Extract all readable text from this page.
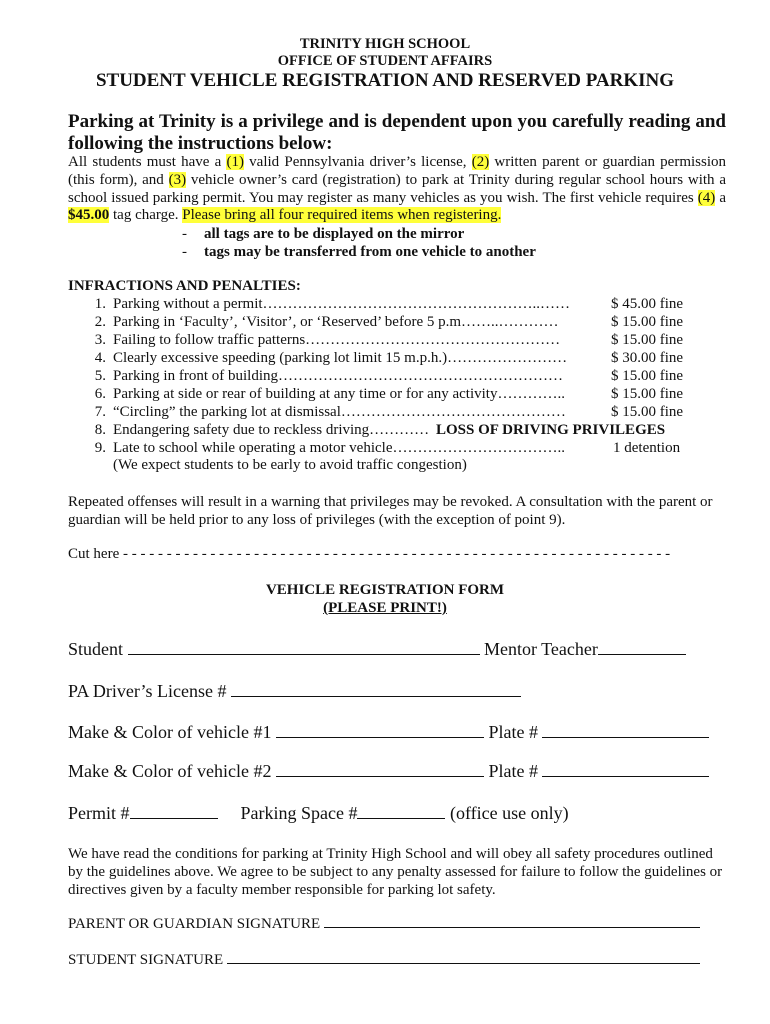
TRINITY HIGH SCHOOL
OFFICE OF STUDENT AFFAIRS
STUDENT VEHICLE REGISTRATION AND RESERVED PARKING
Parking at Trinity is a privilege and is dependent upon you carefully reading and following the instructions below:
All students must have a (1) valid Pennsylvania driver’s license, (2) written parent or guardian permission (this form), and (3) vehicle owner’s card (registration) to park at Trinity during regular school hours with a school issued parking permit. You may register as many vehicles as you wish. The first vehicle requires (4) a $45.00 tag charge. Please bring all four required items when registering.
- all tags are to be displayed on the mirror
- tags may be transferred from one vehicle to another
INFRACTIONS AND PENALTIES:
1. Parking without a permit………………………………………………..……	$ 45.00 fine
2. Parking in ‘Faculty’, ‘Visitor’, or ‘Reserved’ before 5 p.m……..…………	$ 15.00 fine
3. Failing to follow traffic patterns……………………………………………	$ 15.00 fine
4. Clearly excessive speeding (parking lot limit 15 m.p.h.)……………………	$ 30.00 fine
5. Parking in front of building…………………………………………………	$ 15.00 fine
6. Parking at side or rear of building at any time or for any activity…………..	$ 15.00 fine
7. “Circling” the parking lot at dismissal………………………………………	$ 15.00 fine
8. Endangering safety due to reckless driving………… LOSS OF DRIVING PRIVILEGES
9. Late to school while operating a motor vehicle……………………………..	1 detention
(We expect students to be early to avoid traffic congestion)
Repeated offenses will result in a warning that privileges may be revoked. A consultation with the parent or guardian will be held prior to any loss of privileges (with the exception of point 9).
Cut here - - - - - - - - - - - - - - - - - - - - - - - - - - - - - - - - - - - - - - - - - - - - - - - - - - - - - - - - - - - - - - -
VEHICLE REGISTRATION FORM
(PLEASE PRINT!)
Student	Mentor Teacher
PA Driver’s License #
Make & Color of vehicle #1	Plate #
Make & Color of vehicle #2	Plate #
Permit #	Parking Space #	(office use only)
We have read the conditions for parking at Trinity High School and will obey all safety procedures outlined by the guidelines above. We agree to be subject to any penalty assessed for failure to follow the guidelines or directives given by a faculty member responsible for parking lot safety.
PARENT OR GUARDIAN SIGNATURE
STUDENT SIGNATURE
